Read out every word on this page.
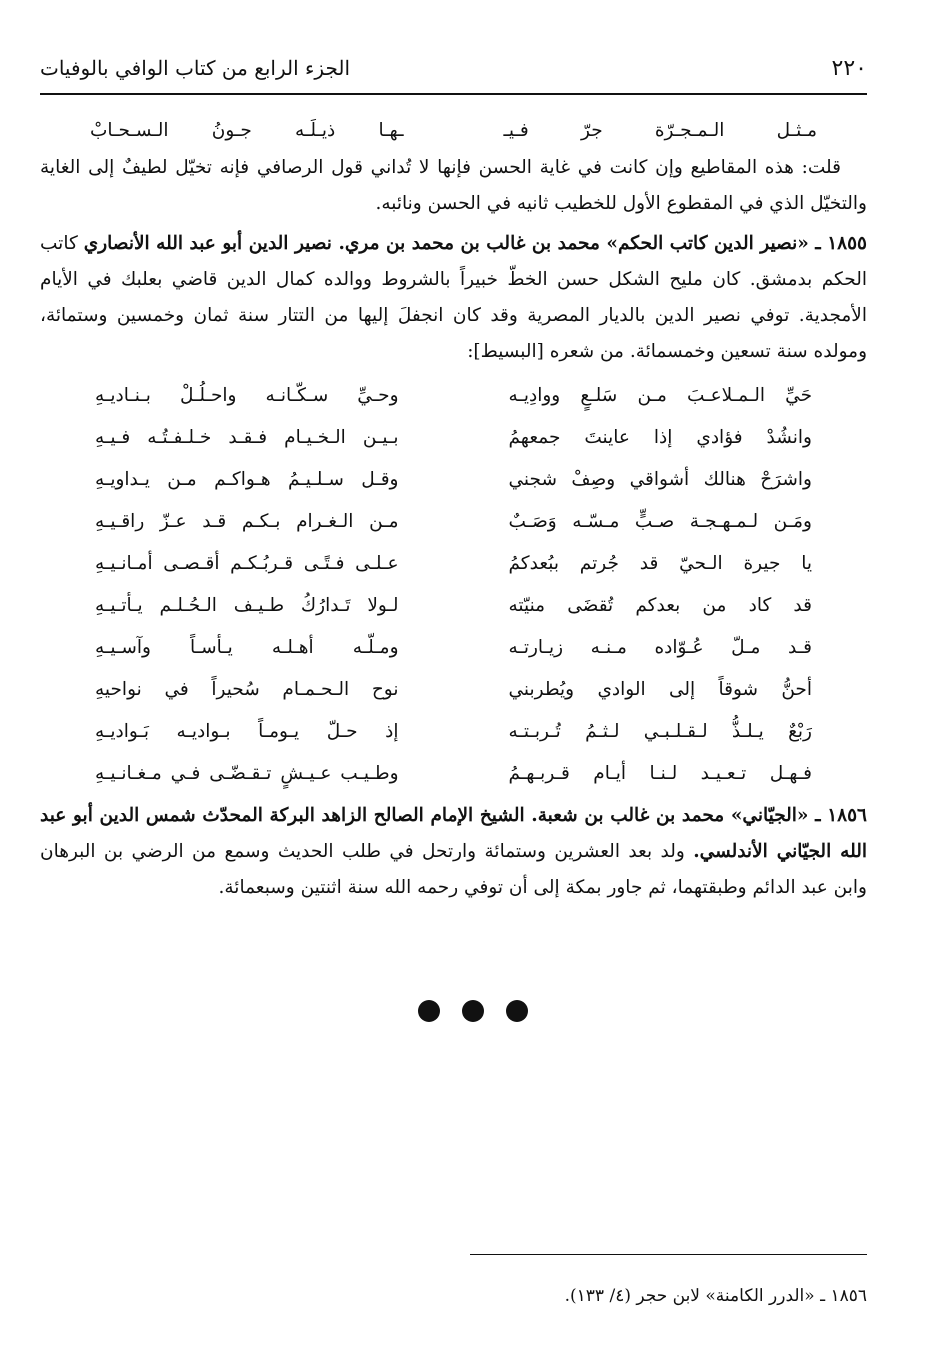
٢٢٠
الجزء الرابع من كتاب الوافي بالوفيات
مـثـل الـمـجـرّة جرّ فـيـ
ـهـا ذيـلَـه جـونُ الـسـحـابْ

قلت: هذه المقاطيع وإن كانت في غاية الحسن فإنها لا تُداني قول الرصافي فإنه تخيّل لطيفٌ إلى الغاية والتخيّل الذي في المقطوع الأول للخطيب ثانيه في الحسن ونائبه.

١٨٥٥ ـ «نصير الدين كاتب الحكم» محمد بن غالب بن محمد بن مري. نصير الدين أبو عبد الله الأنصاري كاتب الحكم بدمشق. كان مليح الشكل حسن الخطّ خبيراً بالشروط ووالده كمال الدين قاضي بعلبك في الأيام الأمجدية. توفي نصير الدين بالديار المصرية وقد كان انجفلَ إليها من التتار سنة ثمان وخمسين وستمائة، ومولده سنة تسعين وخمسمائة. من شعره [البسيط]:

حَيِّ الـمـلاعـبَ مـن سَلـعٍ ووادِيـه
وحـيِّ سـكّـانـه واحـلُـلْ بـنـاديـهِ
وانشُدْ فؤادي إذا عاينتَ جمعهمُ
بـيـن الـخـيـام فـقـد خـلـفـتُـه فـيـهِ
واشرَحْ هنالك أشواقي وصِفْ شجني
وقـل سـلـيـمُ هـواكـم مـن يـداويـهِ
ومَـن لـمـهـجـة صـبٍّ مـسّـه وَصَـبٌ
مـن الـغـرام بـكـم قـد عـزّ راقـيـهِ
يا جيرة الـحيّ قد جُرتم ببُعدكمُ
عـلـى فـتًـى قـربُـكـم أقـصـى أمـانـيـهِ
قد كاد من بعدكم تُقضَى منيّته
لـولا تَـدارُكُ طـيـف الـحُـلـم يـأتـيـهِ
قـد مـلّ عُـوّاده مـنـه زيـارتـه
ومـلّـه أهـلـه يـأسـاً وآسـيـهِ
أحنُّ شوقاً إلى الوادي ويُطربني
نوح الـحـمـام سُحيراً في نواحيهِ
رَبْعٌ يـلـذُّ لـقـلـبـي لـثـمُ تُـربـتـه
إذ حـلّ يـومـاً بـواديـه بَـواديـهِ
فـهـل تـعـيـد لـنـا أيـام قـربـهـمُ
وطـيـب عـيـشٍ تـقـضّـى فـي مـغـانـيـهِ

١٨٥٦ ـ «الجيّاني» محمد بن غالب بن شعبة. الشيخ الإمام الصالح الزاهد البركة المحدّث شمس الدين أبو عبد الله الجيّاني الأندلسي. ولد بعد العشرين وستمائة وارتحل في طلب الحديث وسمع من الرضي بن البرهان وابن عبد الدائم وطبقتهما، ثم جاور بمكة إلى أن توفي رحمه الله سنة اثنتين وسبعمائة.

١٨٥٦ ـ «الدرر الكامنة» لابن حجر (٤/ ١٣٣).
